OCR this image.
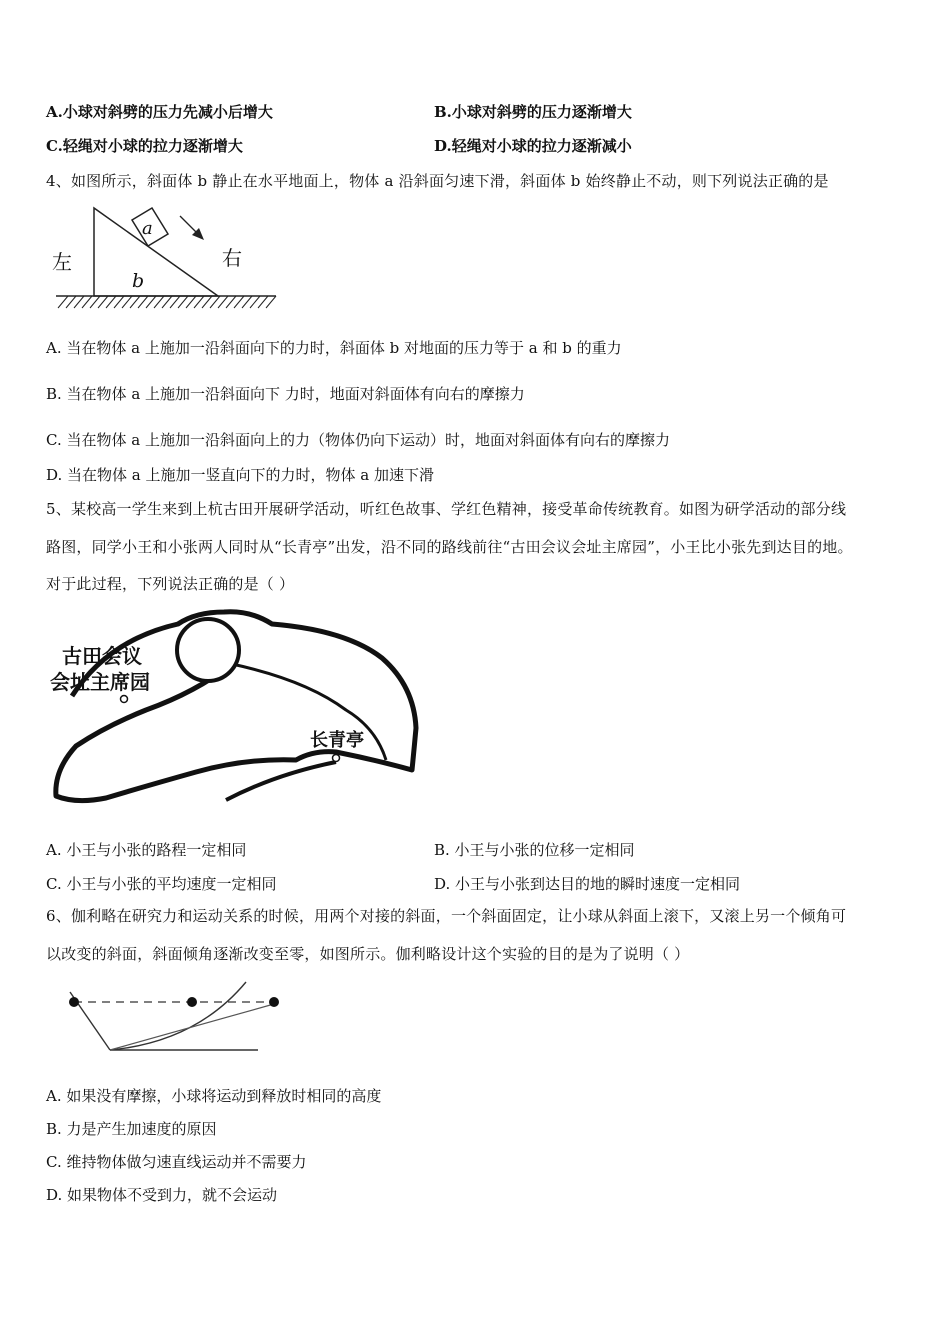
A.小球对斜劈的压力先减小后增大	B.小球对斜劈的压力逐渐增大
C.轻绳对小球的拉力逐渐增大	D.轻绳对小球的拉力逐渐减小
4、如图所示，斜面体 b 静止在水平地面上，物体 a 沿斜面匀速下滑，斜面体 b 始终静止不动，则下列说法正确的是
左	右
a
b
A. 当在物体 a 上施加一沿斜面向下的力时，斜面体 b 对地面的压力等于 a 和 b 的重力
B. 当在物体 a 上施加一沿斜面向下 力时，地面对斜面体有向右的摩擦力
C. 当在物体 a 上施加一沿斜面向上的力（物体仍向下运动）时，地面对斜面体有向右的摩擦力
D. 当在物体 a 上施加一竖直向下的力时，物体 a 加速下滑
5、某校高一学生来到上杭古田开展研学活动，听红色故事、学红色精神，接受革命传统教育。如图为研学活动的部分线
路图，同学小王和小张两人同时从“长青亭”出发，沿不同的路线前往“古田会议会址主席园”，小王比小张先到达目的地。
对于此过程，下列说法正确的是（ ）
古田会议
会址主席园
长青亭
A. 小王与小张的路程一定相同	B. 小王与小张的位移一定相同
C. 小王与小张的平均速度一定相同	D. 小王与小张到达目的地的瞬时速度一定相同
6、伽利略在研究力和运动关系的时候，用两个对接的斜面，一个斜面固定，让小球从斜面上滚下，又滚上另一个倾角可
以改变的斜面，斜面倾角逐渐改变至零，如图所示。伽利略设计这个实验的目的是为了说明（ ）
A. 如果没有摩擦，小球将运动到释放时相同的高度
B. 力是产生加速度的原因
C. 维持物体做匀速直线运动并不需要力
D. 如果物体不受到力，就不会运动
